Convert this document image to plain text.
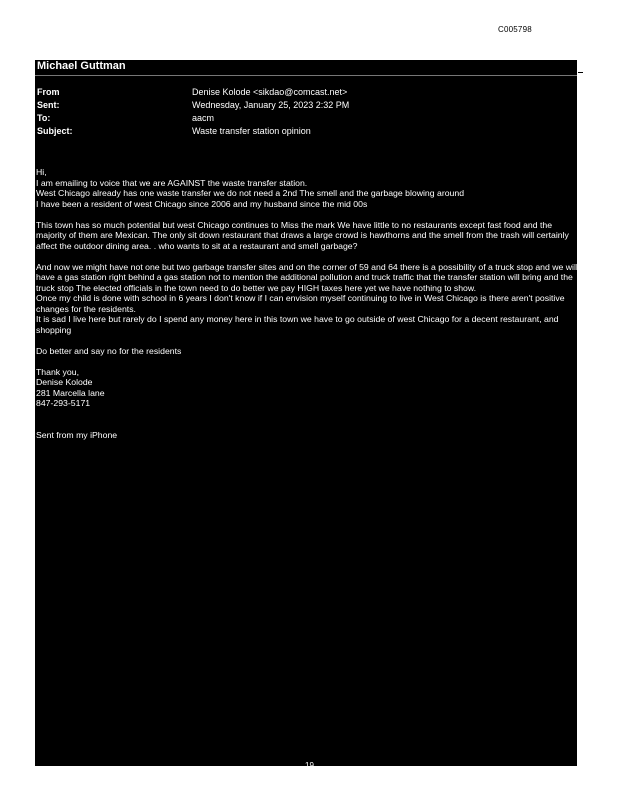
C005798
Michael Guttman
From	Denise Kolode <sikdao@comcast.net>
Sent:	Wednesday, January 25, 2023 2:32 PM
To:	aacm
Subject:	Waste transfer station opinion

Hi,

I am emailing to voice that we are AGAINST the waste transfer station.

West Chicago already has one waste transfer we do not need a 2nd The smell and the garbage blowing around

I have been a resident of west Chicago since 2006 and my husband since the mid 00s

This town has so much potential but west Chicago continues to Miss the mark We have little to no restaurants except fast food and the majority of them are Mexican. The only sit down restaurant that draws a large crowd is hawthorns and the smell from the trash will certainly affect the outdoor dining area. . who wants to sit at a restaurant and smell garbage?

And now we might have not one but two garbage transfer sites and on the corner of 59 and 64 there is a possibility of a truck stop and we will have a gas station right behind a gas station not to mention the additional pollution and truck traffic that the transfer station will bring and the truck stop The elected officials in the town need to do better we pay HIGH taxes here yet we have nothing to show.

Once my child is done with school in 6 years I don't know if I can envision myself continuing to live in West Chicago is there aren't positive changes for the residents.

It is sad I live here but rarely do I spend any money here in this town we have to go outside of west Chicago for a decent restaurant, and shopping

Do better and say no for the residents

Thank you,

Denise Kolode

281 Marcella lane

847-293-5171

Sent from my iPhone

19
